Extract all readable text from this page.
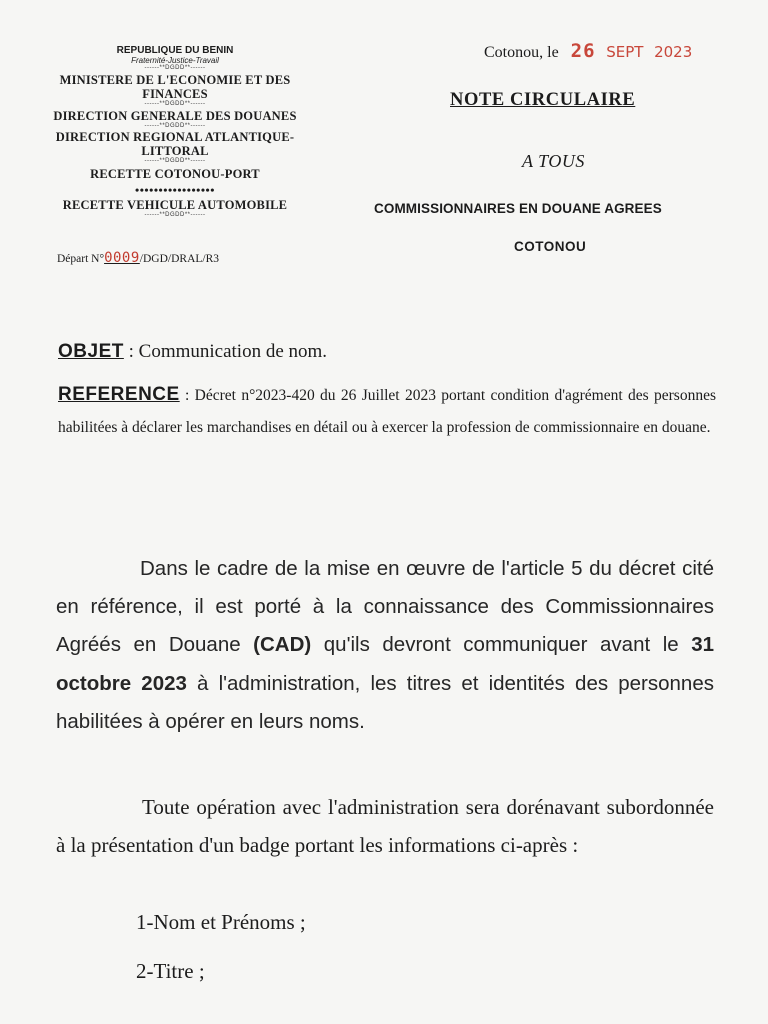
REPUBLIQUE DU BENIN
Fraternité-Justice-Travail
------**DGDD**------
MINISTERE DE L'ECONOMIE ET DES FINANCES
------**DGDD**------
DIRECTION GENERALE DES DOUANES
------**DGDD**------
DIRECTION REGIONAL ATLANTIQUE-
LITTORAL
------**DGDD**------
RECETTE COTONOU-PORT
•••••••••••••••••
RECETTE VEHICULE AUTOMOBILE
------**DGDD**------
Départ N°0009/DGD/DRAL/R3
Cotonou, le 26 SEPT 2023
NOTE CIRCULAIRE
A TOUS
COMMISSIONNAIRES EN DOUANE AGREES
COTONOU
OBJET : Communication de nom.
REFERENCE : Décret n°2023-420 du 26 Juillet 2023 portant condition d'agrément des personnes habilitées à déclarer les marchandises en détail ou à exercer la profession de commissionnaire en douane.
Dans le cadre de la mise en œuvre de l'article 5 du décret cité en référence, il est porté à la connaissance des Commissionnaires Agréés en Douane (CAD) qu'ils devront communiquer avant le 31 octobre 2023 à l'administration, les titres et identités des personnes habilitées à opérer en leurs noms.
Toute opération avec l'administration sera dorénavant subordonnée à la présentation d'un badge portant les informations ci-après :
1-Nom et Prénoms ;
2-Titre ;
